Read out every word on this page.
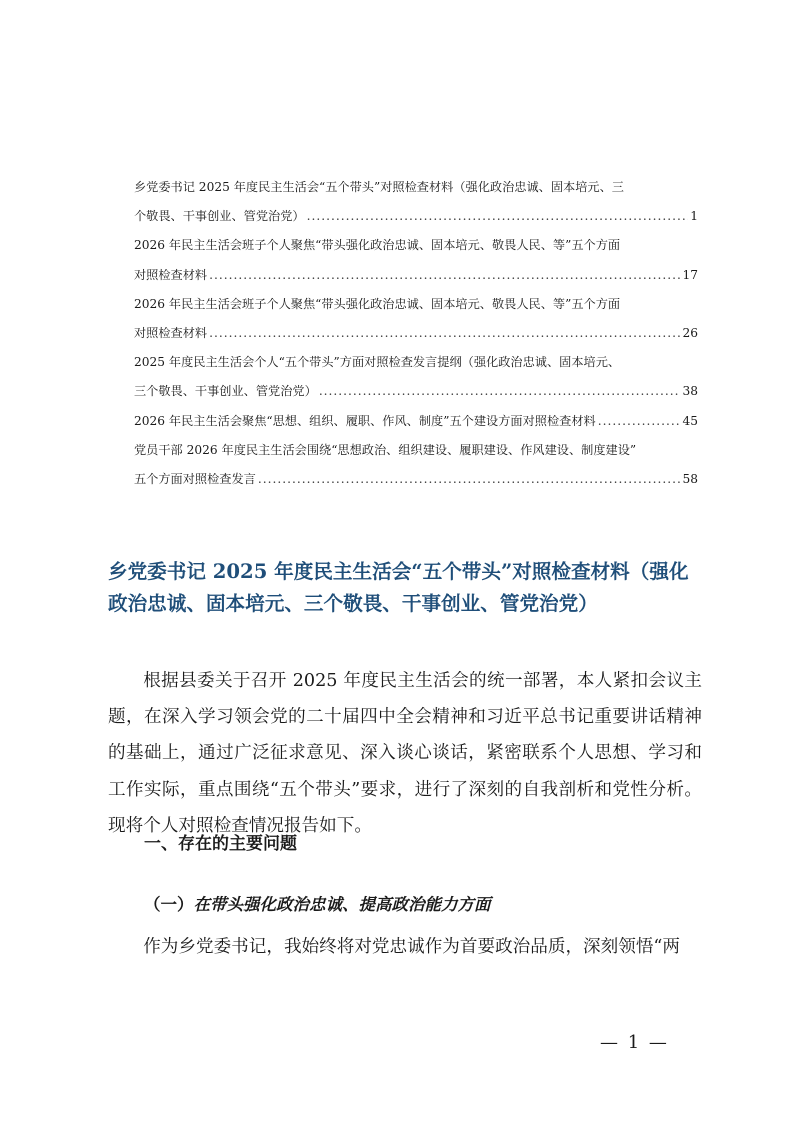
乡党委书记 2025 年度民主生活会“五个带头”对照检查材料（强化政治忠诚、固本培元、三
个敬畏、干事创业、管党治党） .....	1
2026 年民主生活会班子个人聚焦“带头强化政治忠诚、固本培元、敬畏人民、等”五个方面
对照检查材料 .....	17
2026 年民主生活会班子个人聚焦“带头强化政治忠诚、固本培元、敬畏人民、等”五个方面
对照检查材料 .....	26
2025 年度民主生活会个人“五个带头”方面对照检查发言提纲（强化政治忠诚、固本培元、
三个敬畏、干事创业、管党治党） .....	38
2026 年民主生活会聚焦“思想、组织、履职、作风、制度”五个建设方面对照检查材料 .....	45
党员干部 2026 年度民主生活会围绕“思想政治、组织建设、履职建设、作风建设、制度建设”
五个方面对照检查发言 .....	58
乡党委书记 2025 年度民主生活会“五个带头”对照检查材料（强化政治忠诚、固本培元、三个敬畏、干事创业、管党治党）

根据县委关于召开 2025 年度民主生活会的统一部署，本人紧扣会议主题，在深入学习领会党的二十届四中全会精神和习近平总书记重要讲话精神的基础上，通过广泛征求意见、深入谈心谈话，紧密联系个人思想、学习和工作实际，重点围绕“五个带头”要求，进行了深刻的自我剖析和党性分析。现将个人对照检查情况报告如下。

一、存在的主要问题
（一）在带头强化政治忠诚、提高政治能力方面

作为乡党委书记，我始终将对党忠诚作为首要政治品质，深刻领悟“两

— 1 —
